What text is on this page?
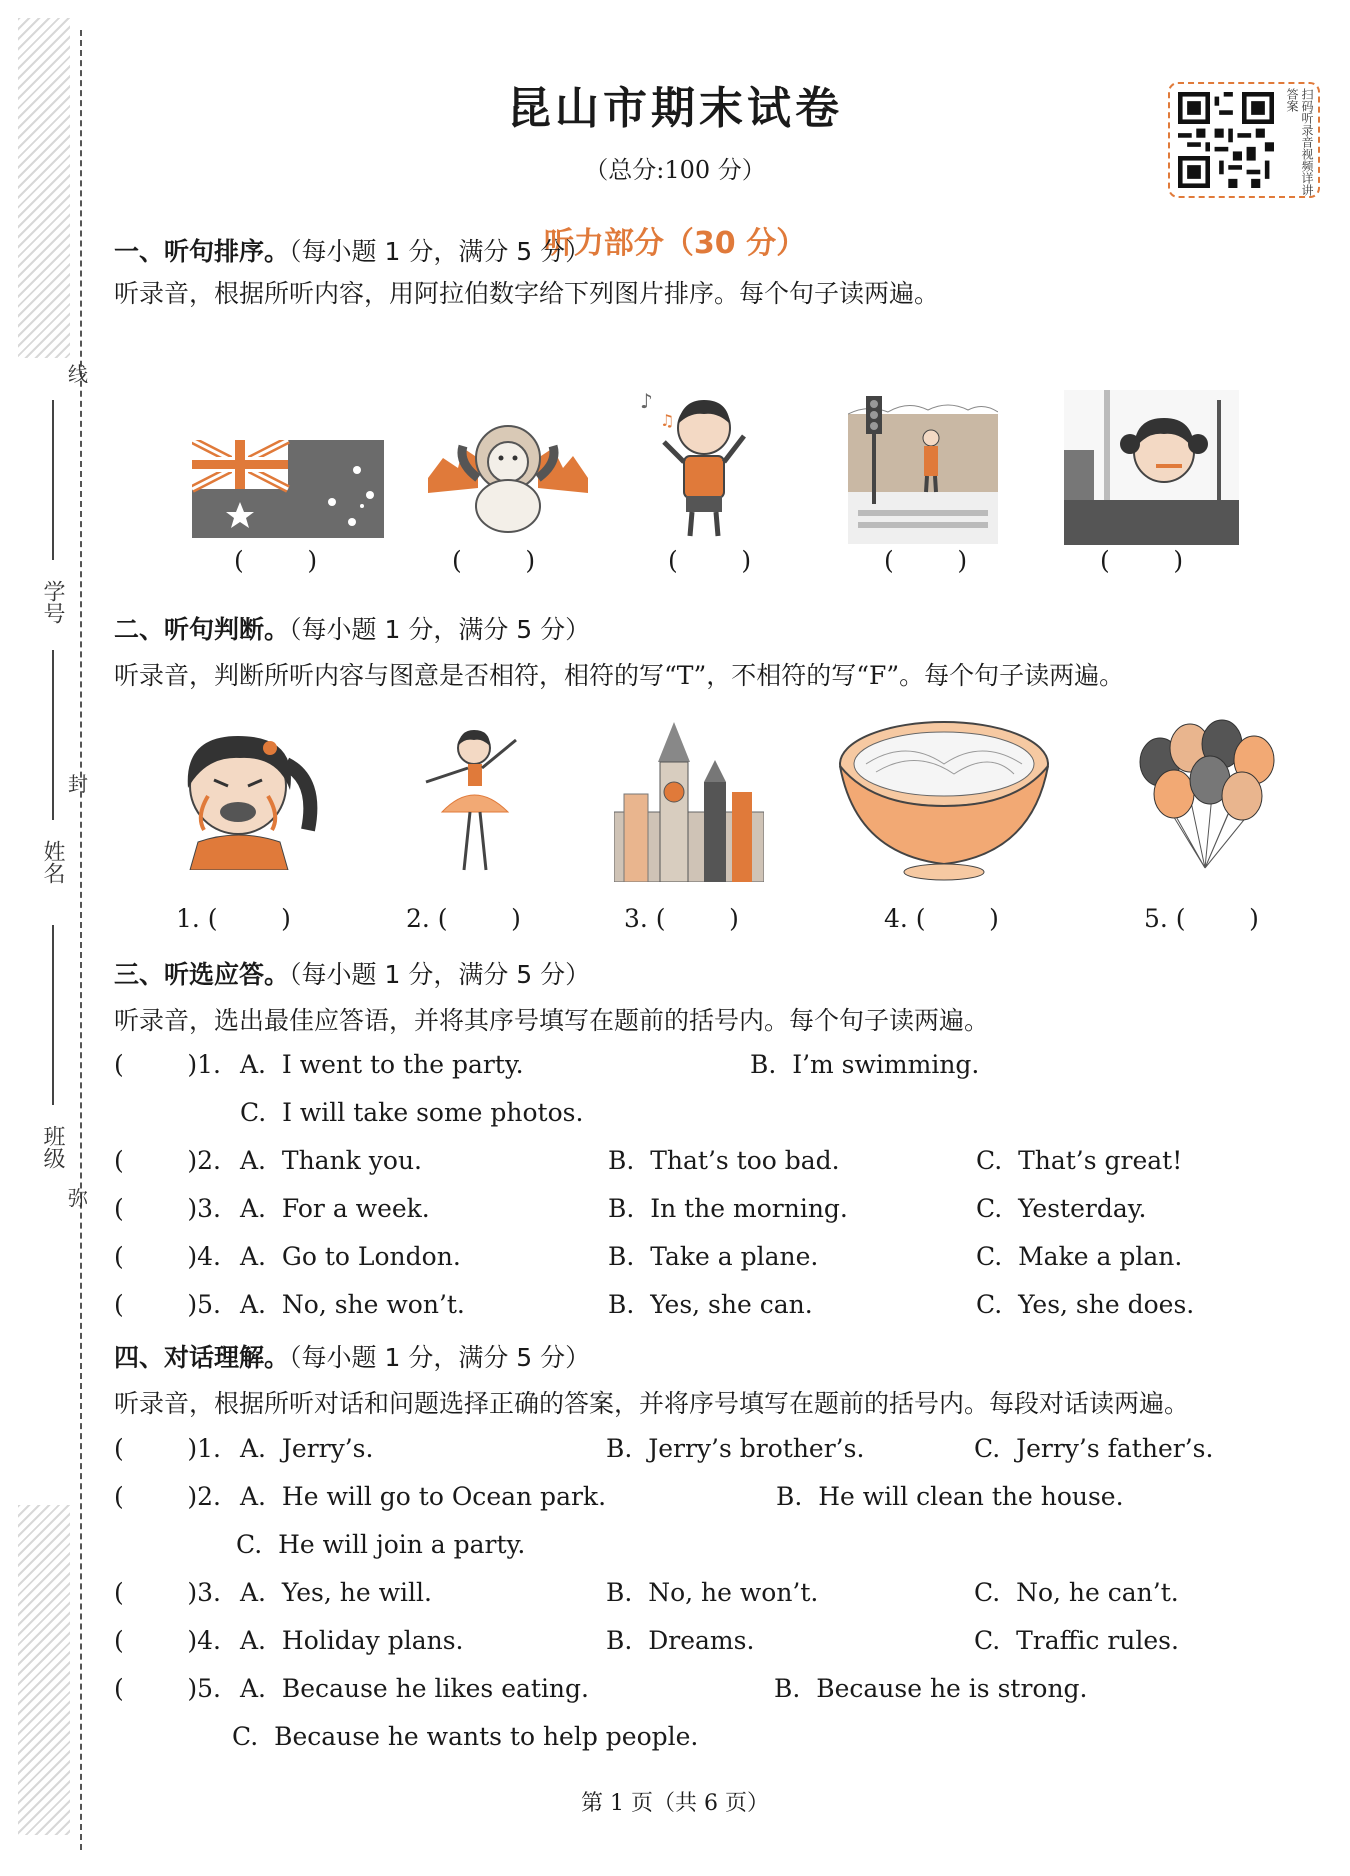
线
封
弥
学号
姓名
班级
昆山市期末试卷
（总分:100 分）
听力部分（30 分）
扫码听录音视频详讲答案
一、听句排序。（每小题 1 分，满分 5 分）
听录音，根据所听内容，用阿拉伯数字给下列图片排序。每个句子读两遍。
♪
♫
(        )	(        )	(        )	(        )	(        )
二、听句判断。（每小题 1 分，满分 5 分）
听录音，判断所听内容与图意是否相符，相符的写“T”，不相符的写“F”。每个句子读两遍。
1. (        )	2. (        )	3. (        )	4. (        )	5. (        )
三、听选应答。（每小题 1 分，满分 5 分）
听录音，选出最佳应答语，并将其序号填写在题前的括号内。每个句子读两遍。
(        )1. A.  I went to the party.	B.  I’m swimming.
C.  I will take some photos.
(        )2. A.  Thank you.	B.  That’s too bad.	C.  That’s great!
(        )3. A.  For a week.	B.  In the morning.	C.  Yesterday.
(        )4. A.  Go to London.	B.  Take a plane.	C.  Make a plan.
(        )5. A.  No, she won’t.	B.  Yes, she can.	C.  Yes, she does.
四、对话理解。（每小题 1 分，满分 5 分）
听录音，根据所听对话和问题选择正确的答案，并将序号填写在题前的括号内。每段对话读两遍。
(        )1. A.  Jerry’s.	B.  Jerry’s brother’s.	C.  Jerry’s father’s.
(        )2. A.  He will go to Ocean park.	B.  He will clean the house.
C.  He will join a party.
(        )3. A.  Yes, he will.	B.  No, he won’t.	C.  No, he can’t.
(        )4. A.  Holiday plans.	B.  Dreams.	C.  Traffic rules.
(        )5. A.  Because he likes eating.	B.  Because he is strong.
C.  Because he wants to help people.
第 1 页（共 6 页）
